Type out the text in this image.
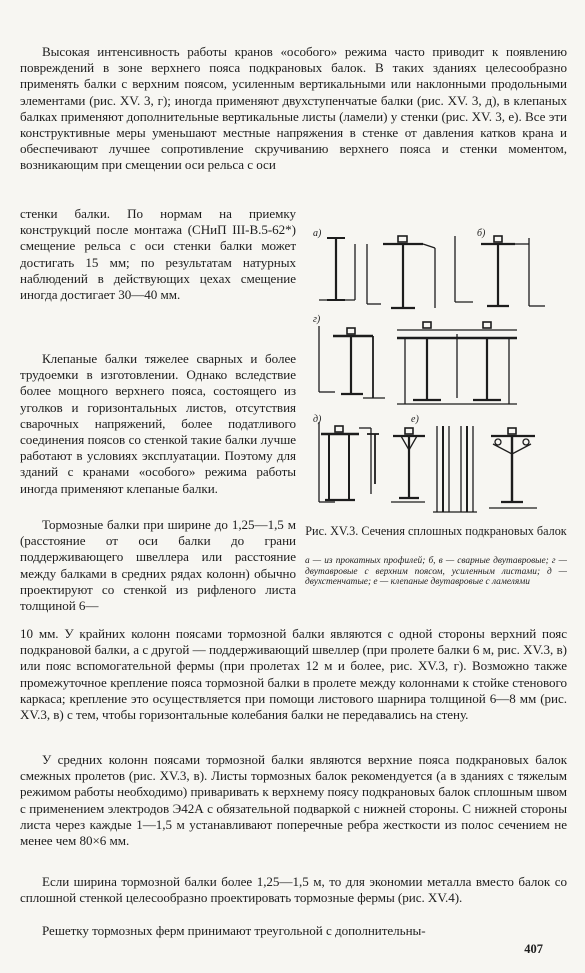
Высокая интенсивность работы кранов «особого» режима часто приводит к появлению повреждений в зоне верхнего пояса подкрановых балок. В таких зданиях целесообразно применять балки с верхним поясом, усиленным вертикальными или наклонными продольными элементами (рис. XV. 3, г); иногда применяют двухступенчатые балки (рис. XV. 3, д), в клепаных балках применяют дополнительные вертикальные листы (ламели) у стенки (рис. XV. 3, е). Все эти конструктивные меры уменьшают местные напряжения в стенке от давления катков крана и обеспечивают лучшее сопротивление скручиванию верхнего пояса и стенки моментом, возникающим при смещении оси рельса с оси

стенки балки. По нормам на приемку конструкций после монтажа (СНиП III-В.5-62*) смещение рельса с оси стенки балки может достигать 15 мм; по результатам натурных наблюдений в действующих цехах смещение иногда достигает 30—40 мм.

Клепаные балки тяжелее сварных и более трудоемки в изготовлении. Однако вследствие более мощного верхнего пояса, состоящего из уголков и горизонтальных листов, отсутствия сварочных напряжений, более податливого соединения поясов со стенкой такие балки лучше работают в условиях эксплуатации. Поэтому для зданий с кранами «особого» режима работы иногда применяют клепаные балки.

Тормозные балки при ширине до 1,25—1,5 м (расстояние от оси балки до грани поддерживающего швеллера или расстояние между балками в средних рядах колонн) обычно проектируют со стенкой из рифленого листа толщиной 6—

10 мм. У крайних колонн поясами тормозной балки являются с одной стороны верхний пояс подкрановой балки, а с другой — поддерживающий швеллер (при пролете балки 6 м, рис. XV.3, в) или пояс вспомогательной фермы (при пролетах 12 м и более, рис. XV.3, г). Возможно также промежуточное крепление пояса тормозной балки в пролете между колоннами к стойке стенового каркаса; крепление это осуществляется при помощи листового шарнира толщиной 6—8 мм (рис. XV.3, в) с тем, чтобы горизонтальные колебания балки не передавались на стену.

У средних колонн поясами тормозной балки являются верхние пояса подкрановых балок смежных пролетов (рис. XV.3, в). Листы тормозных балок рекомендуется (а в зданиях с тяжелым режимом работы необходимо) приваривать к верхнему поясу подкрановых балок сплошным швом с применением электродов Э42А с обязательной подваркой с нижней стороны. С нижней стороны листа через каждые 1—1,5 м устанавливают поперечные ребра жесткости из полос сечением не менее чем 80×6 мм.

Если ширина тормозной балки более 1,25—1,5 м, то для экономии металла вместо балок со сплошной стенкой целесообразно проектировать тормозные фермы (рис. XV.4).

Решетку тормозных ферм принимают треугольной с дополнительны-

а)	б)
г)
д)	е)
Рис. XV.3. Сечения сплошных подкрановых балок
а — из прокатных профилей; б, в — сварные двутавровые; г — двутавровые с верхним поясом, усиленным листами; д — двухстенчатые; е — клепаные двутавровые с ламелями
407
